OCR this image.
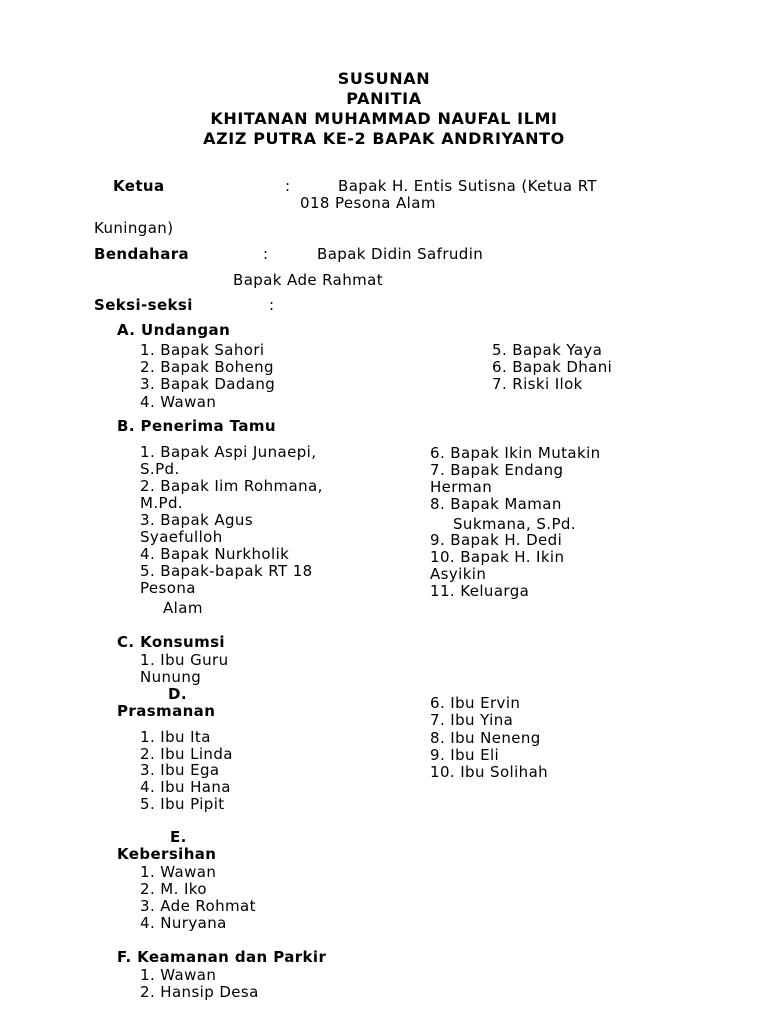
SUSUNAN
PANITIA
KHITANAN MUHAMMAD NAUFAL ILMI
AZIZ PUTRA KE-2 BAPAK ANDRIYANTO
Ketua	:	Bapak H. Entis Sutisna (Ketua RT
018 Pesona Alam
Kuningan)
Bendahara	:	Bapak Didin Safrudin
Bapak Ade Rahmat
Seksi-seksi	:
A. Undangan
1. Bapak Sahori
2. Bapak Boheng
3. Bapak Dadang
4. Wawan
5. Bapak Yaya
6. Bapak Dhani
7. Riski Ilok
B. Penerima Tamu
1. Bapak Aspi Junaepi,
S.Pd.
2. Bapak Iim Rohmana,
M.Pd.
3. Bapak Agus
Syaefulloh
4. Bapak Nurkholik
5. Bapak-bapak RT 18
Pesona
Alam
6. Bapak Ikin Mutakin
7. Bapak Endang
Herman
8. Bapak Maman
Sukmana, S.Pd.
9. Bapak H. Dedi
10. Bapak H. Ikin
Asyikin
11. Keluarga
C. Konsumsi
1. Ibu Guru
Nunung
D.
Prasmanan
1. Ibu Ita
2. Ibu Linda
3. Ibu Ega
4. Ibu Hana
5. Ibu Pipit
6. Ibu Ervin
7. Ibu Yina
8. Ibu Neneng
9. Ibu Eli
10. Ibu Solihah
E.
Kebersihan
1. Wawan
2. M. Iko
3. Ade Rohmat
4. Nuryana
F. Keamanan dan Parkir
1. Wawan
2. Hansip Desa
